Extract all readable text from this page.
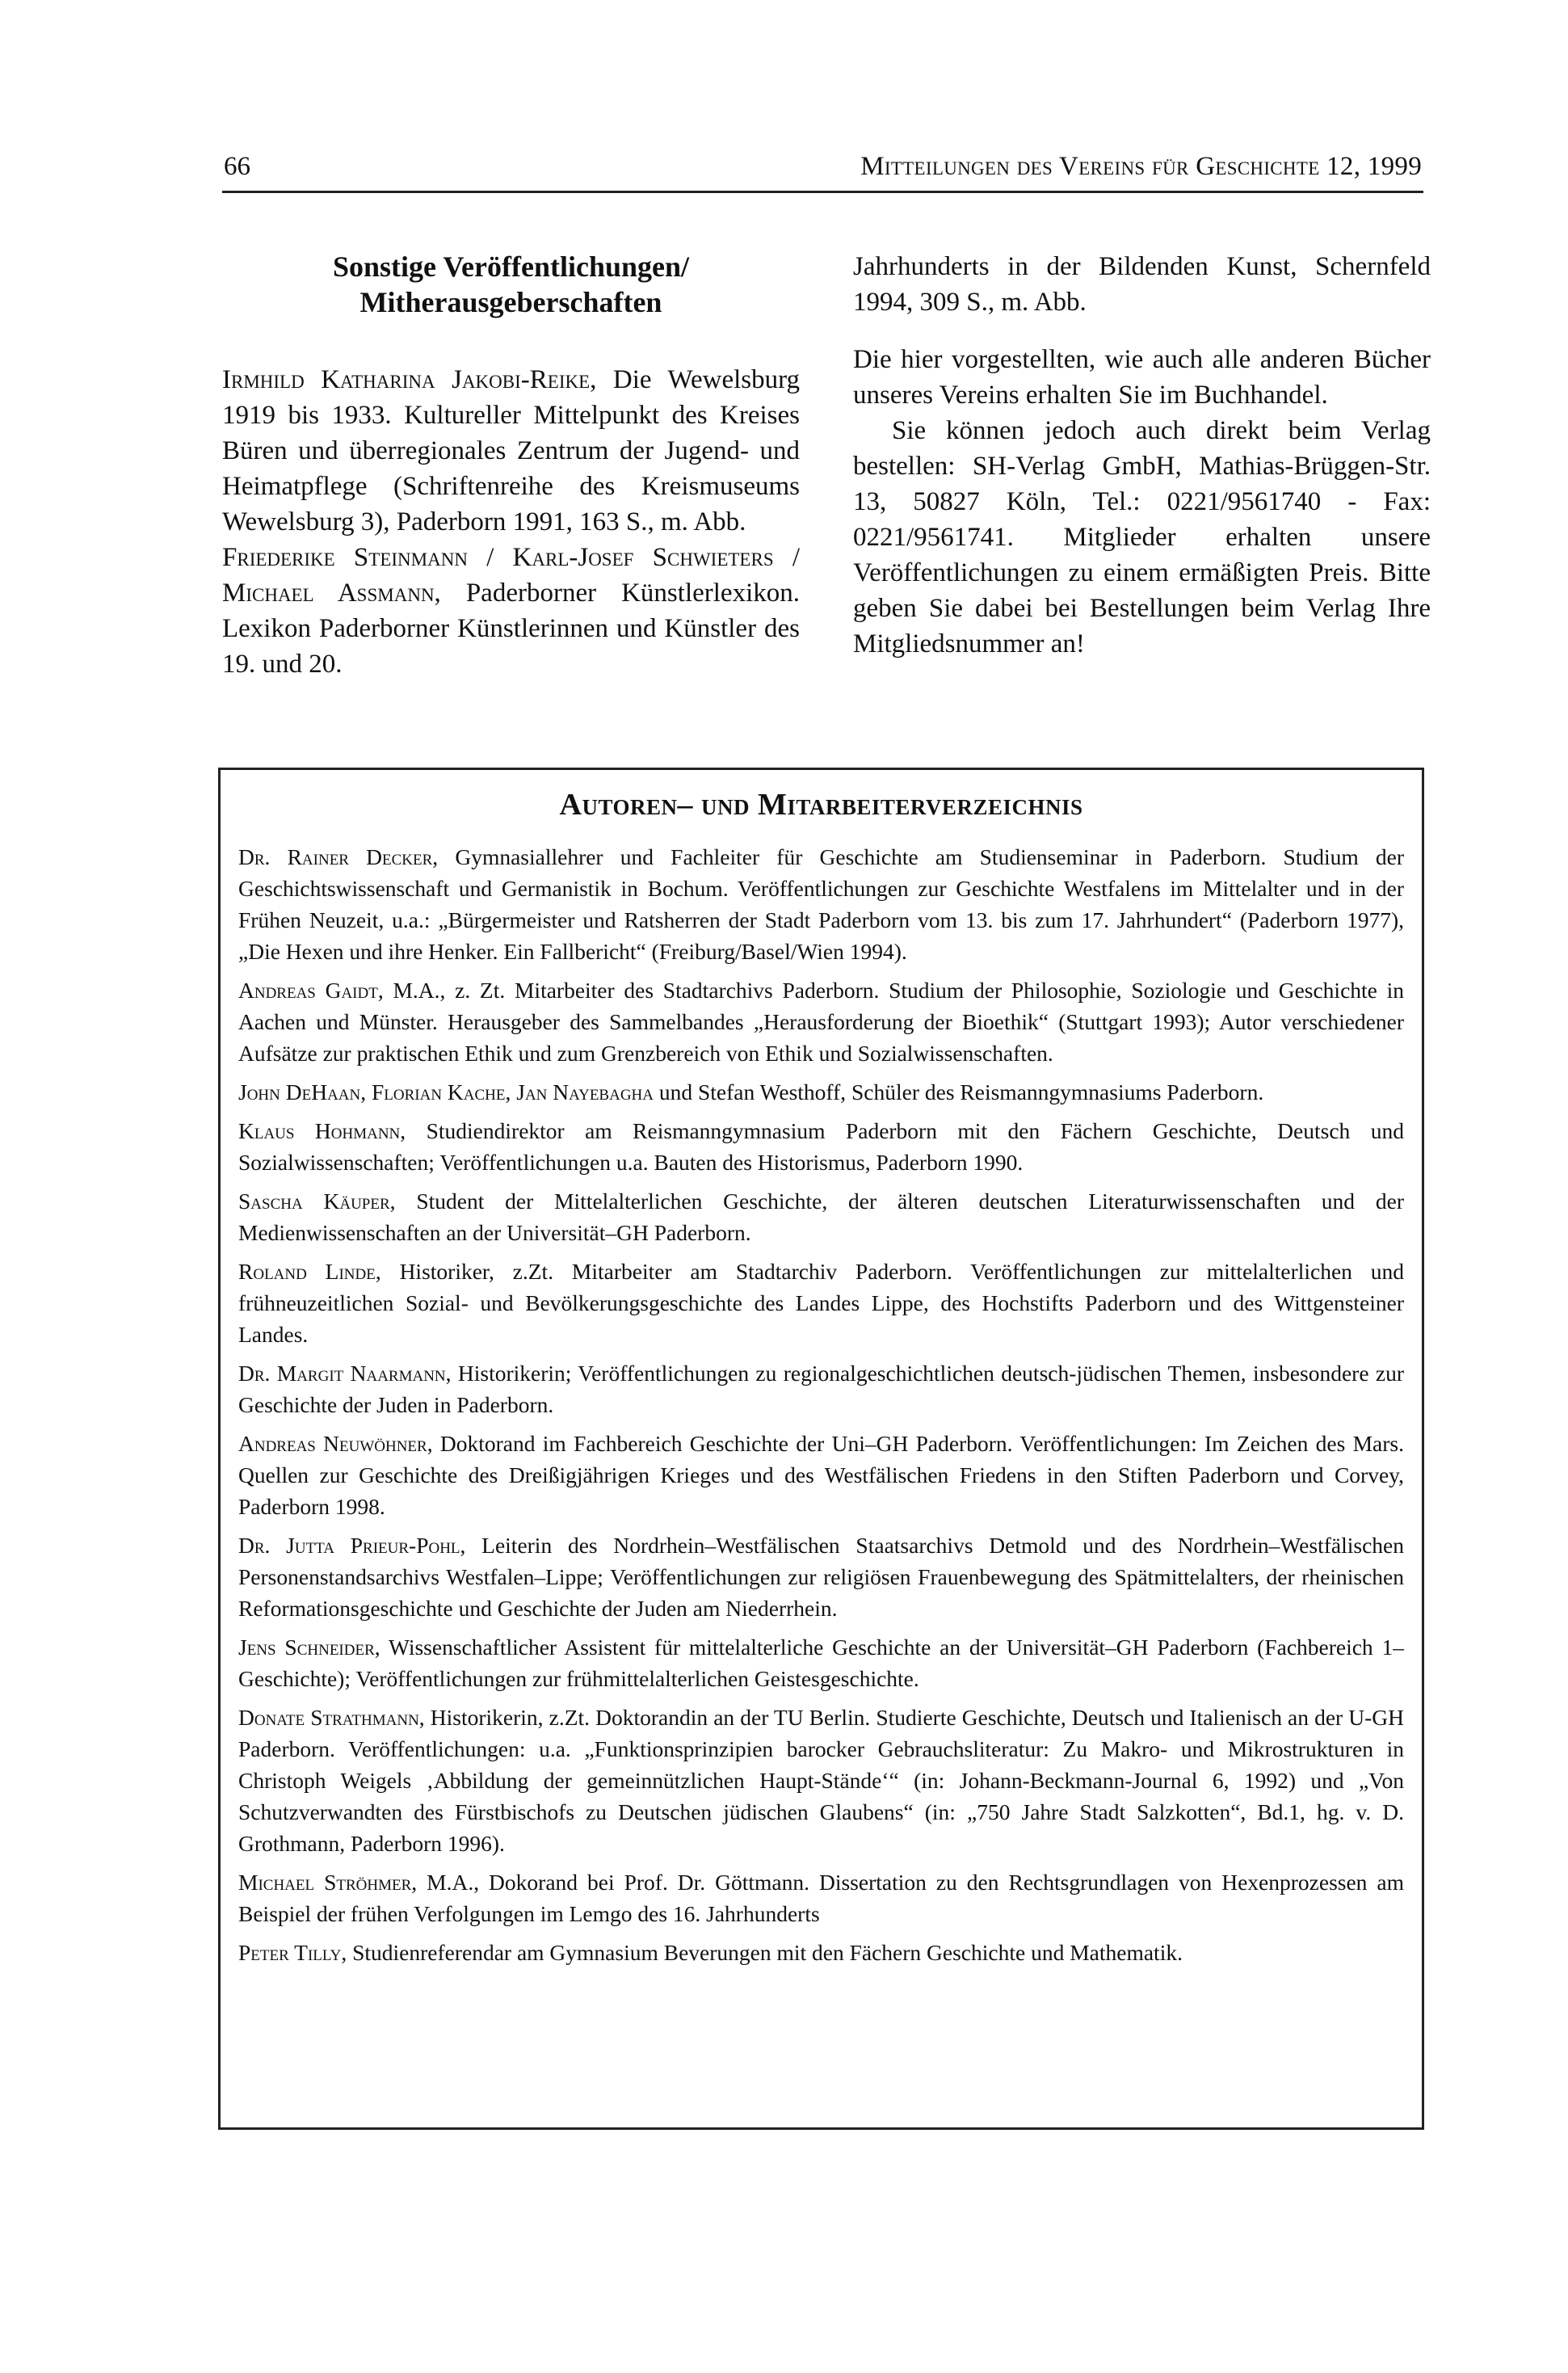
66	Mitteilungen des Vereins für Geschichte 12, 1999
Sonstige Veröffentlichungen/
Mitherausgeberschaften

Irmhild Katharina Jakobi-Reike, Die Wewelsburg 1919 bis 1933. Kultureller Mittelpunkt des Kreises Büren und überregionales Zentrum der Jugend- und Heimatpflege (Schriftenreihe des Kreismuseums Wewelsburg 3), Paderborn 1991, 163 S., m. Abb.

Friederike Steinmann / Karl-Josef Schwieters / Michael Assmann, Paderborner Künstlerlexikon. Lexikon Paderborner Künstlerinnen und Künstler des 19. und 20.

Jahrhunderts in der Bildenden Kunst, Schernfeld 1994, 309 S., m. Abb.

Die hier vorgestellten, wie auch alle anderen Bücher unseres Vereins erhalten Sie im Buchhandel.

Sie können jedoch auch direkt beim Verlag bestellen: SH-Verlag GmbH, Mathias-Brüggen-Str. 13, 50827 Köln, Tel.: 0221/9561740 - Fax: 0221/9561741. Mitglieder erhalten unsere Veröffentlichungen zu einem ermäßigten Preis. Bitte geben Sie dabei bei Bestellungen beim Verlag Ihre Mitgliedsnummer an!

Autoren– und Mitarbeiterverzeichnis

Dr. Rainer Decker, Gymnasiallehrer und Fachleiter für Geschichte am Studienseminar in Paderborn. Studium der Geschichtswissenschaft und Germanistik in Bochum. Veröffentlichungen zur Geschichte Westfalens im Mittelalter und in der Frühen Neuzeit, u.a.: „Bürgermeister und Ratsherren der Stadt Paderborn vom 13. bis zum 17. Jahrhundert“ (Paderborn 1977), „Die Hexen und ihre Henker. Ein Fallbericht“ (Freiburg/Basel/Wien 1994).

Andreas Gaidt, M.A., z. Zt. Mitarbeiter des Stadtarchivs Paderborn. Studium der Philosophie, Soziologie und Geschichte in Aachen und Münster. Herausgeber des Sammelbandes „Herausforderung der Bioethik“ (Stuttgart 1993); Autor verschiedener Aufsätze zur praktischen Ethik und zum Grenzbereich von Ethik und Sozialwissenschaften.

John DeHaan, Florian Kache, Jan Nayebagha und Stefan Westhoff, Schüler des Reismanngymnasiums Paderborn.

Klaus Hohmann, Studiendirektor am Reismanngymnasium Paderborn mit den Fächern Geschichte, Deutsch und Sozialwissenschaften; Veröffentlichungen u.a. Bauten des Historismus, Paderborn 1990.

Sascha Käuper, Student der Mittelalterlichen Geschichte, der älteren deutschen Literaturwissenschaften und der Medienwissenschaften an der Universität–GH Paderborn.

Roland Linde, Historiker, z.Zt. Mitarbeiter am Stadtarchiv Paderborn. Veröffentlichungen zur mittelalterlichen und frühneuzeitlichen Sozial- und Bevölkerungsgeschichte des Landes Lippe, des Hochstifts Paderborn und des Wittgensteiner Landes.

Dr. Margit Naarmann, Historikerin; Veröffentlichungen zu regionalgeschichtlichen deutsch-jüdischen Themen, insbesondere zur Geschichte der Juden in Paderborn.

Andreas Neuwöhner, Doktorand im Fachbereich Geschichte der Uni–GH Paderborn. Veröffentlichungen: Im Zeichen des Mars. Quellen zur Geschichte des Dreißigjährigen Krieges und des Westfälischen Friedens in den Stiften Paderborn und Corvey, Paderborn 1998.

Dr. Jutta Prieur-Pohl, Leiterin des Nordrhein–Westfälischen Staatsarchivs Detmold und des Nordrhein–Westfälischen Personenstandsarchivs Westfalen–Lippe; Veröffentlichungen zur religiösen Frauenbewegung des Spätmittelalters, der rheinischen Reformationsgeschichte und Geschichte der Juden am Niederrhein.

Jens Schneider, Wissenschaftlicher Assistent für mittelalterliche Geschichte an der Universität–GH Paderborn (Fachbereich 1–Geschichte); Veröffentlichungen zur frühmittelalterlichen Geistesgeschichte.

Donate Strathmann, Historikerin, z.Zt. Doktorandin an der TU Berlin. Studierte Geschichte, Deutsch und Italienisch an der U-GH Paderborn. Veröffentlichungen: u.a. „Funktionsprinzipien barocker Gebrauchsliteratur: Zu Makro- und Mikrostrukturen in Christoph Weigels ‚Abbildung der gemeinnützlichen Haupt-Stände‘“ (in: Johann-Beckmann-Journal 6, 1992) und „Von Schutzverwandten des Fürstbischofs zu Deutschen jüdischen Glaubens“ (in: „750 Jahre Stadt Salzkotten“, Bd.1, hg. v. D. Grothmann, Paderborn 1996).

Michael Ströhmer, M.A., Dokorand bei Prof. Dr. Göttmann. Dissertation zu den Rechtsgrundlagen von Hexenprozessen am Beispiel der frühen Verfolgungen im Lemgo des 16. Jahrhunderts

Peter Tilly, Studienreferendar am Gymnasium Beverungen mit den Fächern Geschichte und Mathematik.
